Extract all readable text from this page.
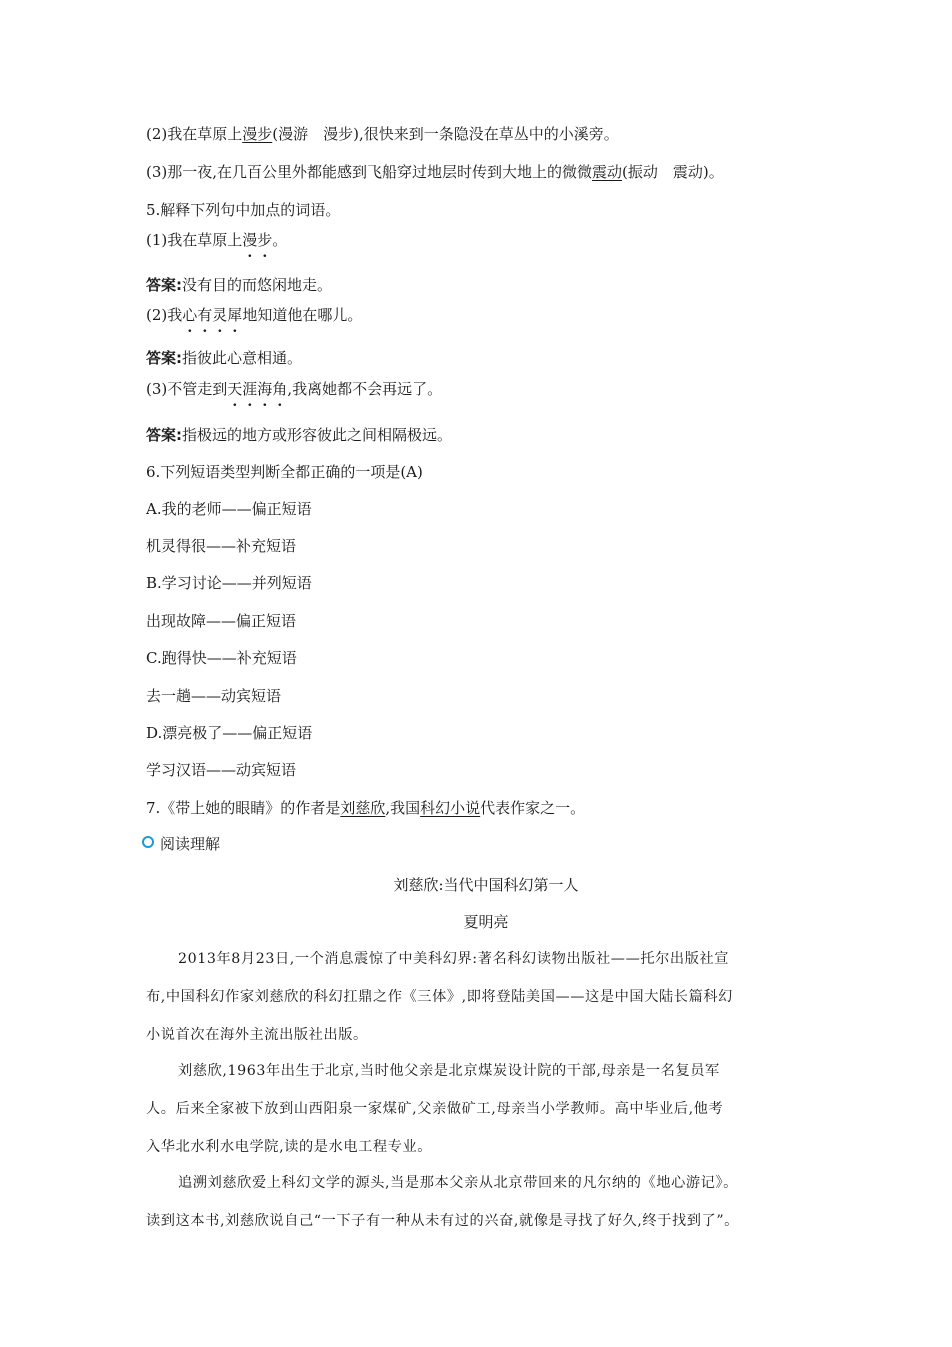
(2)我在草原上漫步(漫游　漫步),很快来到一条隐没在草丛中的小溪旁。
(3)那一夜,在几百公里外都能感到飞船穿过地层时传到大地上的微微震动(振动　震动)。
5.解释下列句中加点的词语。
(1)我在草原上漫步。
答案:没有目的而悠闲地走。
(2)我心有灵犀地知道他在哪儿。
答案:指彼此心意相通。
(3)不管走到天涯海角,我离她都不会再远了。
答案:指极远的地方或形容彼此之间相隔极远。
6.下列短语类型判断全都正确的一项是(A)
A.我的老师——偏正短语
机灵得很——补充短语
B.学习讨论——并列短语
出现故障——偏正短语
C.跑得快——补充短语
去一趟——动宾短语
D.漂亮极了——偏正短语
学习汉语——动宾短语
7.《带上她的眼睛》的作者是刘慈欣,我国科幻小说代表作家之一。
阅读理解
刘慈欣:当代中国科幻第一人
夏明亮
2013年8月23日,一个消息震惊了中美科幻界:著名科幻读物出版社——托尔出版社宣
布,中国科幻作家刘慈欣的科幻扛鼎之作《三体》,即将登陆美国——这是中国大陆长篇科幻
小说首次在海外主流出版社出版。
刘慈欣,1963年出生于北京,当时他父亲是北京煤炭设计院的干部,母亲是一名复员军
人。后来全家被下放到山西阳泉一家煤矿,父亲做矿工,母亲当小学教师。高中毕业后,他考
入华北水利水电学院,读的是水电工程专业。
追溯刘慈欣爱上科幻文学的源头,当是那本父亲从北京带回来的凡尔纳的《地心游记》。
读到这本书,刘慈欣说自己“一下子有一种从未有过的兴奋,就像是寻找了好久,终于找到了”。
